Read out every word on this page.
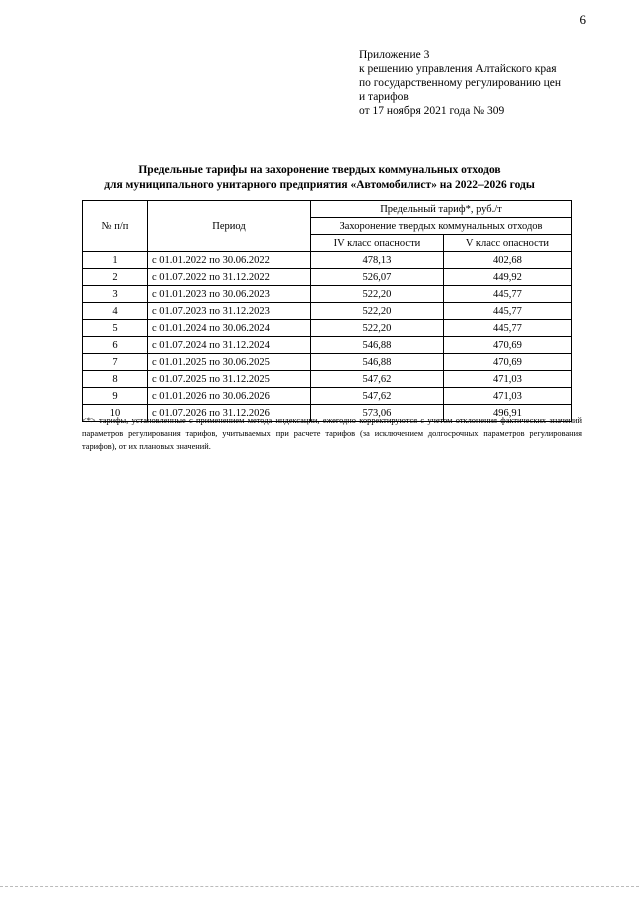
6
Приложение 3
к решению управления Алтайского края
по государственному регулированию цен
и тарифов
от 17 ноября 2021 года № 309
Предельные тарифы на захоронение твердых коммунальных отходов
для муниципального унитарного предприятия «Автомобилист» на 2022–2026 годы
№ п/п	Период	Предельный тариф*, руб./т	
		Захоронение твердых коммунальных отходов	
		IV класс опасности	V класс опасности
1	с 01.01.2022 по 30.06.2022	478,13	402,68
2	с 01.07.2022 по 31.12.2022	526,07	449,92
3	с 01.01.2023 по 30.06.2023	522,20	445,77
4	с 01.07.2023 по 31.12.2023	522,20	445,77
5	с 01.01.2024 по 30.06.2024	522,20	445,77
6	с 01.07.2024 по 31.12.2024	546,88	470,69
7	с 01.01.2025 по 30.06.2025	546,88	470,69
8	с 01.07.2025 по 31.12.2025	547,62	471,03
9	с 01.01.2026 по 30.06.2026	547,62	471,03
10	с 01.07.2026 по 31.12.2026	573,06	496,91
<*> тарифы, установленные с применением метода индексации, ежегодно корректируются с учетом отклонения фактических значений параметров регулирования тарифов, учитываемых при расчете тарифов (за исключением долгосрочных параметров регулирования тарифов), от их плановых значений.
